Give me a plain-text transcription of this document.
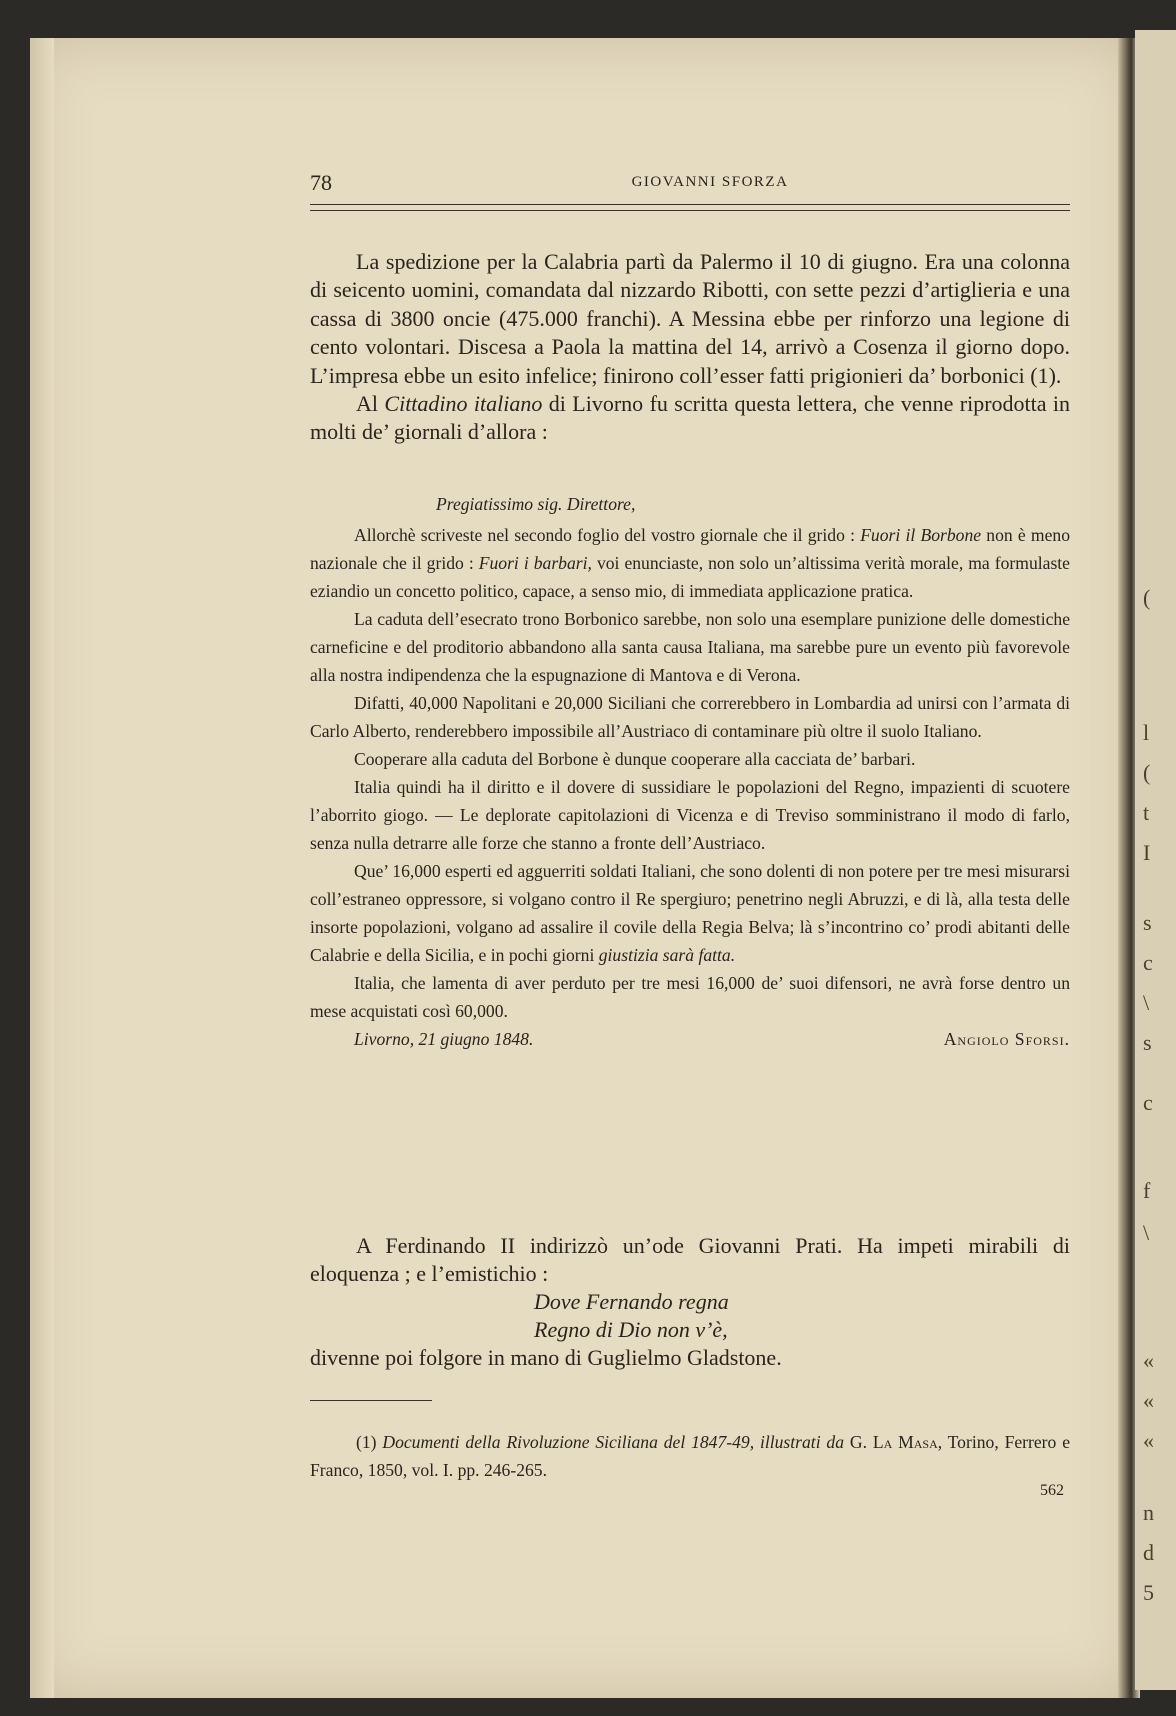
(
l
(
t
I
s
c
\
s
c
f
\
«
«
«
n
d
5
78	GIOVANNI SFORZA

La spedizione per la Calabria partì da Palermo il 10 di giugno. Era una colonna di seicento uomini, comandata dal nizzardo Ribotti, con sette pezzi d’artiglieria e una cassa di 3800 oncie (475.000 franchi). A Messina ebbe per rinforzo una legione di cento volontari. Discesa a Paola la mattina del 14, arrivò a Cosenza il giorno dopo. L’impresa ebbe un esito infelice; finirono coll’esser fatti prigionieri da’ borbonici (1).

Al Cittadino italiano di Livorno fu scritta questa lettera, che venne riprodotta in molti de’ giornali d’allora :

Pregiatissimo sig. Direttore,

Allorchè scriveste nel secondo foglio del vostro giornale che il grido : Fuori il Borbone non è meno nazionale che il grido : Fuori i barbari, voi enunciaste, non solo un’altissima verità morale, ma formulaste eziandio un concetto politico, capace, a senso mio, di immediata applicazione pratica.

La caduta dell’esecrato trono Borbonico sarebbe, non solo una esemplare punizione delle domestiche carneficine e del proditorio abbandono alla santa causa Italiana, ma sarebbe pure un evento più favorevole alla nostra indipendenza che la espugnazione di Mantova e di Verona.

Difatti, 40,000 Napolitani e 20,000 Siciliani che correrebbero in Lombardia ad unirsi con l’armata di Carlo Alberto, renderebbero impossibile all’Austriaco di contaminare più oltre il suolo Italiano.

Cooperare alla caduta del Borbone è dunque cooperare alla cacciata de’ barbari.

Italia quindi ha il diritto e il dovere di sussidiare le popolazioni del Regno, impazienti di scuotere l’aborrito giogo. — Le deplorate capitolazioni di Vicenza e di Treviso somministrano il modo di farlo, senza nulla detrarre alle forze che stanno a fronte dell’Austriaco.

Que’ 16,000 esperti ed agguerriti soldati Italiani, che sono dolenti di non potere per tre mesi misurarsi coll’estraneo oppressore, si volgano contro il Re spergiuro; penetrino negli Abruzzi, e di là, alla testa delle insorte popolazioni, volgano ad assalire il covile della Regia Belva; là s’incontrino co’ prodi abitanti delle Calabrie e della Sicilia, e in pochi giorni giustizia sarà fatta.

Italia, che lamenta di aver perduto per tre mesi 16,000 de’ suoi difensori, ne avrà forse dentro un mese acquistati così 60,000.

Livorno, 21 giugno 1848.	Angiolo Sforsi.

A Ferdinando II indirizzò un’ode Giovanni Prati. Ha impeti mirabili di eloquenza ; e l’emistichio :

Dove Fernando regna

Regno di Dio non v’è,

divenne poi folgore in mano di Guglielmo Gladstone.

(1) Documenti della Rivoluzione Siciliana del 1847-49, illustrati da G. La Masa, Torino, Ferrero e Franco, 1850, vol. I. pp. 246-265.

562
